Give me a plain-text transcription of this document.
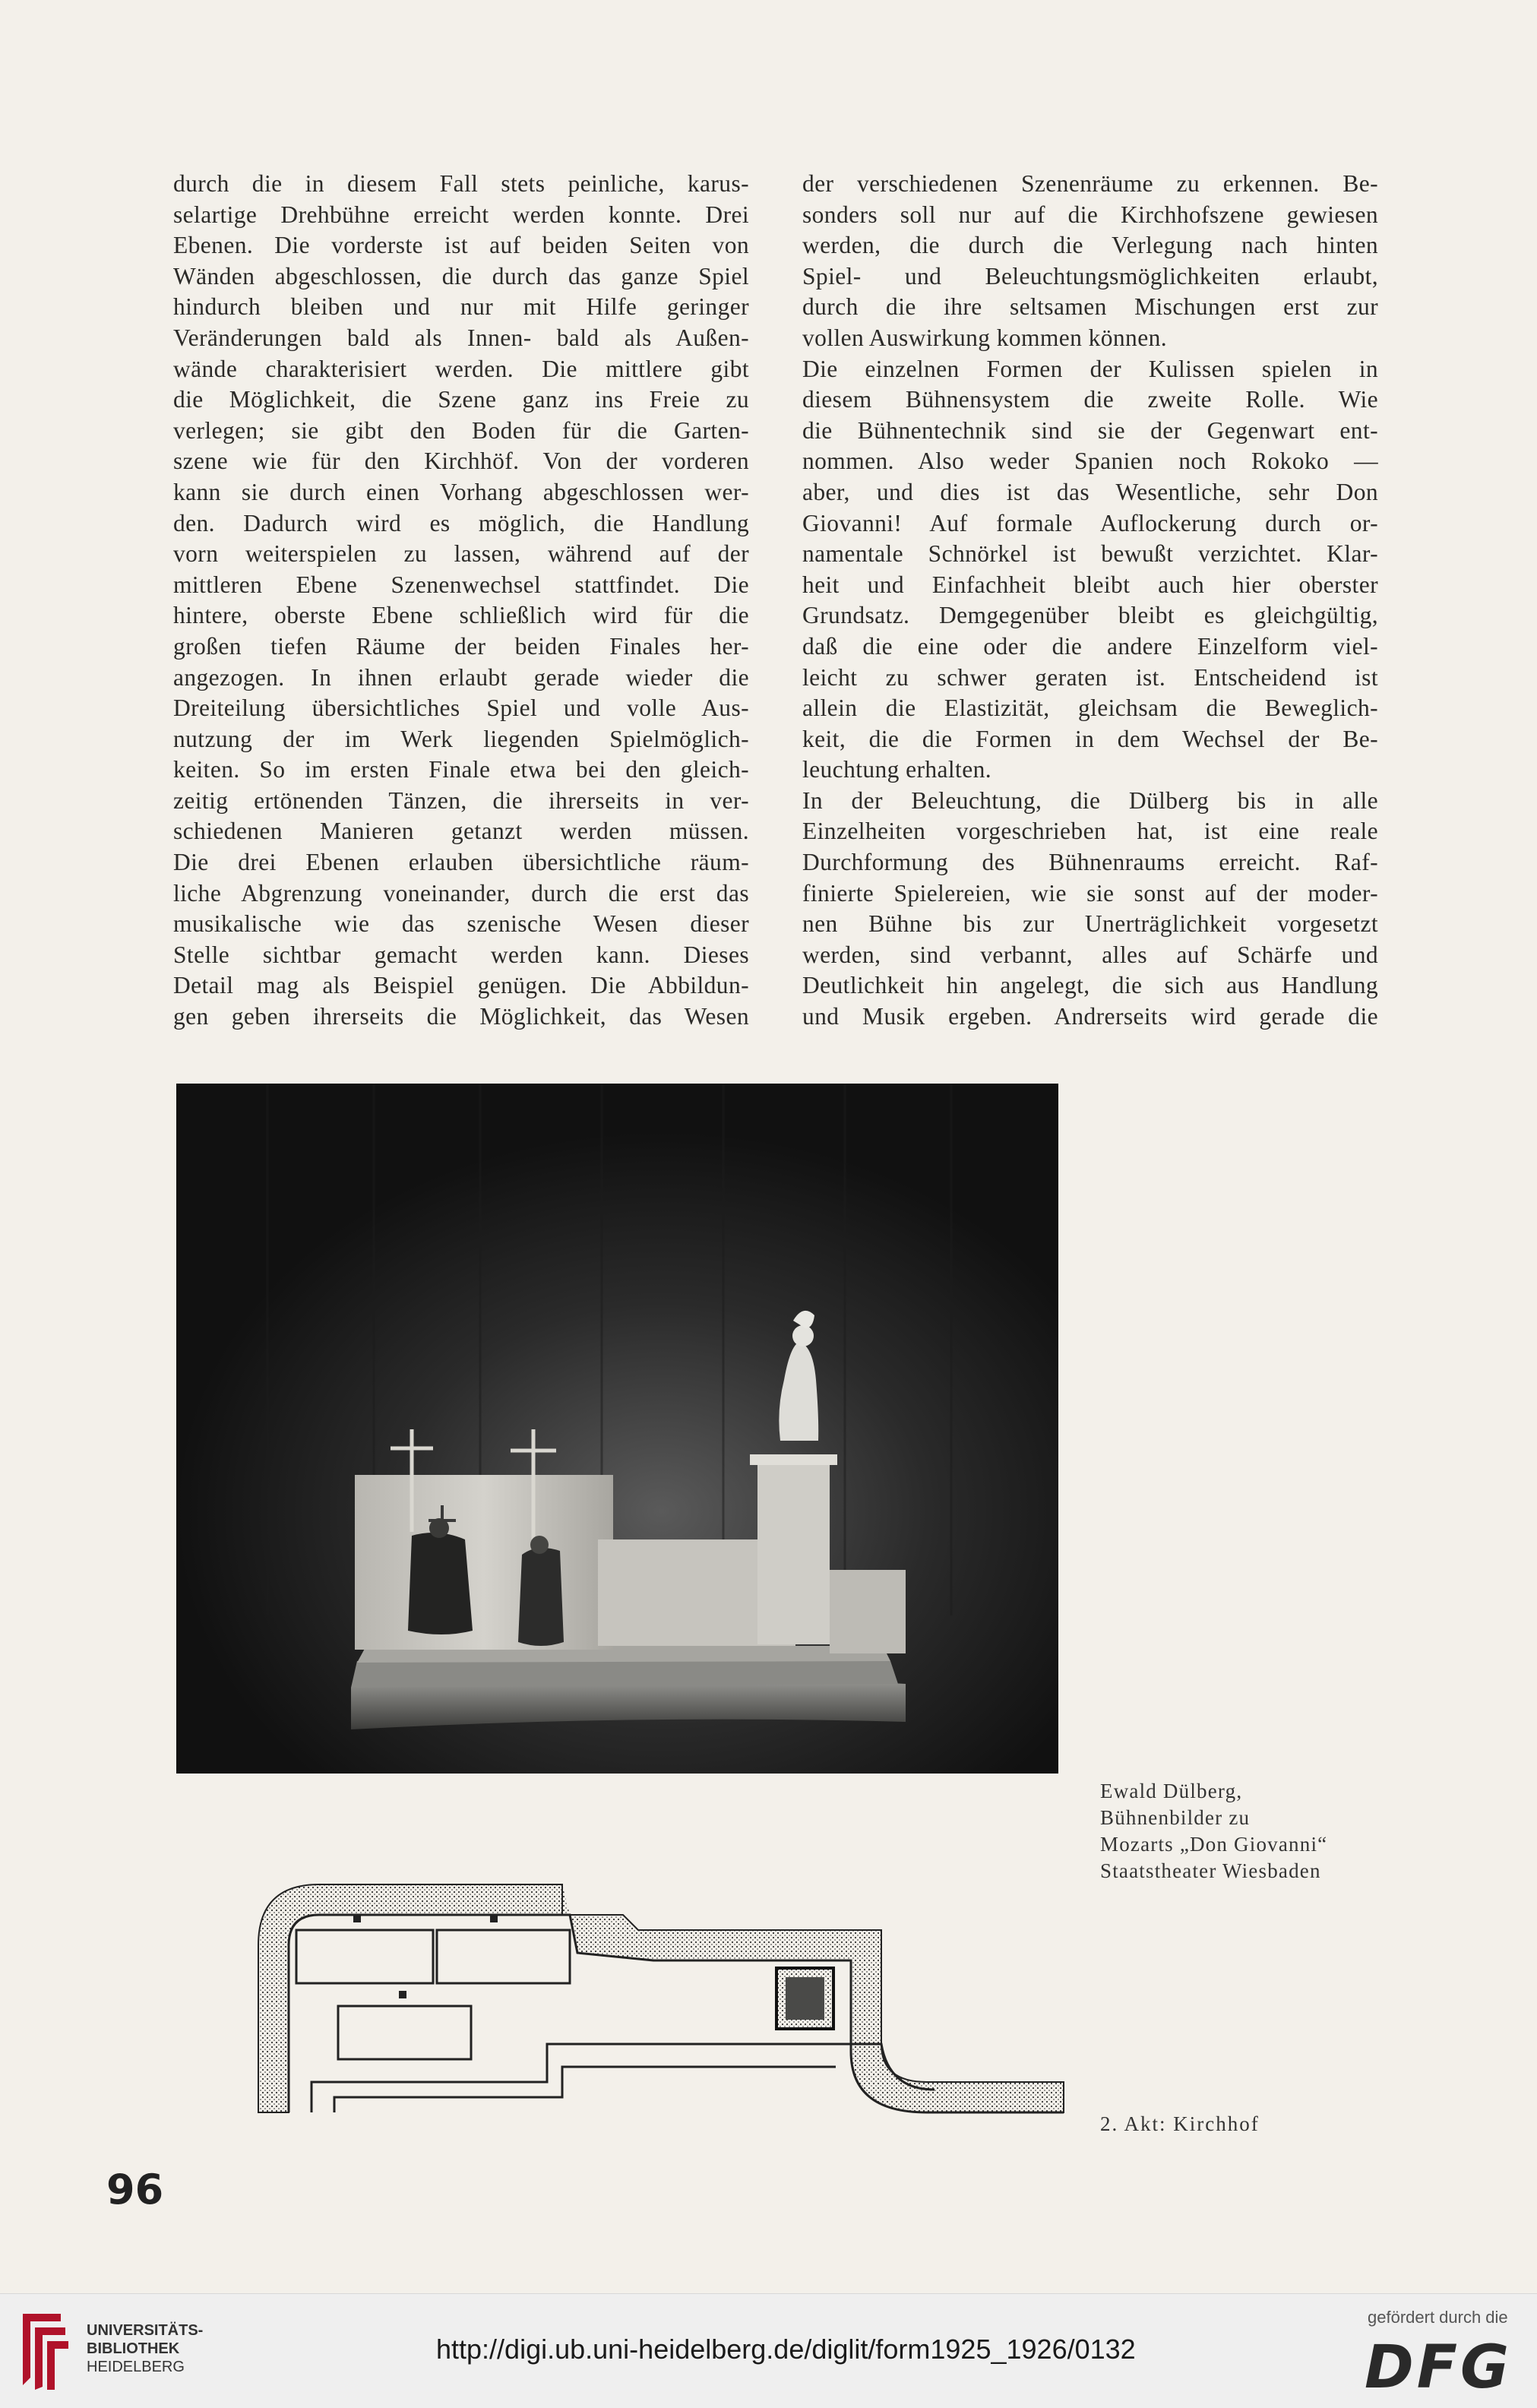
durch die in diesem Fall stets peinliche, karus-
selartige Drehbühne erreicht werden konnte. Drei
Ebenen. Die vorderste ist auf beiden Seiten von
Wänden abgeschlossen, die durch das ganze Spiel
hindurch bleiben und nur mit Hilfe geringer
Veränderungen bald als Innen- bald als Außen-
wände charakterisiert werden. Die mittlere gibt
die Möglichkeit, die Szene ganz ins Freie zu
verlegen; sie gibt den Boden für die Garten-
szene wie für den Kirchhöf. Von der vorderen
kann sie durch einen Vorhang abgeschlossen wer-
den. Dadurch wird es möglich, die Handlung
vorn weiterspielen zu lassen, während auf der
mittleren Ebene Szenenwechsel stattfindet. Die
hintere, oberste Ebene schließlich wird für die
großen tiefen Räume der beiden Finales her-
angezogen. In ihnen erlaubt gerade wieder die
Dreiteilung übersichtliches Spiel und volle Aus-
nutzung der im Werk liegenden Spielmöglich-
keiten. So im ersten Finale etwa bei den gleich-
zeitig ertönenden Tänzen, die ihrerseits in ver-
schiedenen Manieren getanzt werden müssen.
Die drei Ebenen erlauben übersichtliche räum-
liche Abgrenzung voneinander, durch die erst das
musikalische wie das szenische Wesen dieser
Stelle sichtbar gemacht werden kann. Dieses
Detail mag als Beispiel genügen. Die Abbildun-
gen geben ihrerseits die Möglichkeit, das Wesen
der verschiedenen Szenenräume zu erkennen. Be-
sonders soll nur auf die Kirchhofszene gewiesen
werden, die durch die Verlegung nach hinten
Spiel- und Beleuchtungsmöglichkeiten erlaubt,
durch die ihre seltsamen Mischungen erst zur
vollen Auswirkung kommen können.
Die einzelnen Formen der Kulissen spielen in
diesem Bühnensystem die zweite Rolle. Wie
die Bühnentechnik sind sie der Gegenwart ent-
nommen. Also weder Spanien noch Rokoko —
aber, und dies ist das Wesentliche, sehr Don
Giovanni! Auf formale Auflockerung durch or-
namentale Schnörkel ist bewußt verzichtet. Klar-
heit und Einfachheit bleibt auch hier oberster
Grundsatz. Demgegenüber bleibt es gleichgültig,
daß die eine oder die andere Einzelform viel-
leicht zu schwer geraten ist. Entscheidend ist
allein die Elastizität, gleichsam die Beweglich-
keit, die die Formen in dem Wechsel der Be-
leuchtung erhalten.
In der Beleuchtung, die Dülberg bis in alle
Einzelheiten vorgeschrieben hat, ist eine reale
Durchformung des Bühnenraums erreicht. Raf-
finierte Spielereien, wie sie sonst auf der moder-
nen Bühne bis zur Unerträglichkeit vorgesetzt
werden, sind verbannt, alles auf Schärfe und
Deutlichkeit hin angelegt, die sich aus Handlung
und Musik ergeben. Andrerseits wird gerade die
Ewald Dülberg,
Bühnenbilder zu
Mozarts „Don Giovanni“
Staatstheater Wiesbaden
2. Akt: Kirchhof
96
UNIVERSITÄTS-
BIBLIOTHEK
HEIDELBERG
http://digi.ub.uni-heidelberg.de/diglit/form1925_1926/0132
gefördert durch die
DFG
